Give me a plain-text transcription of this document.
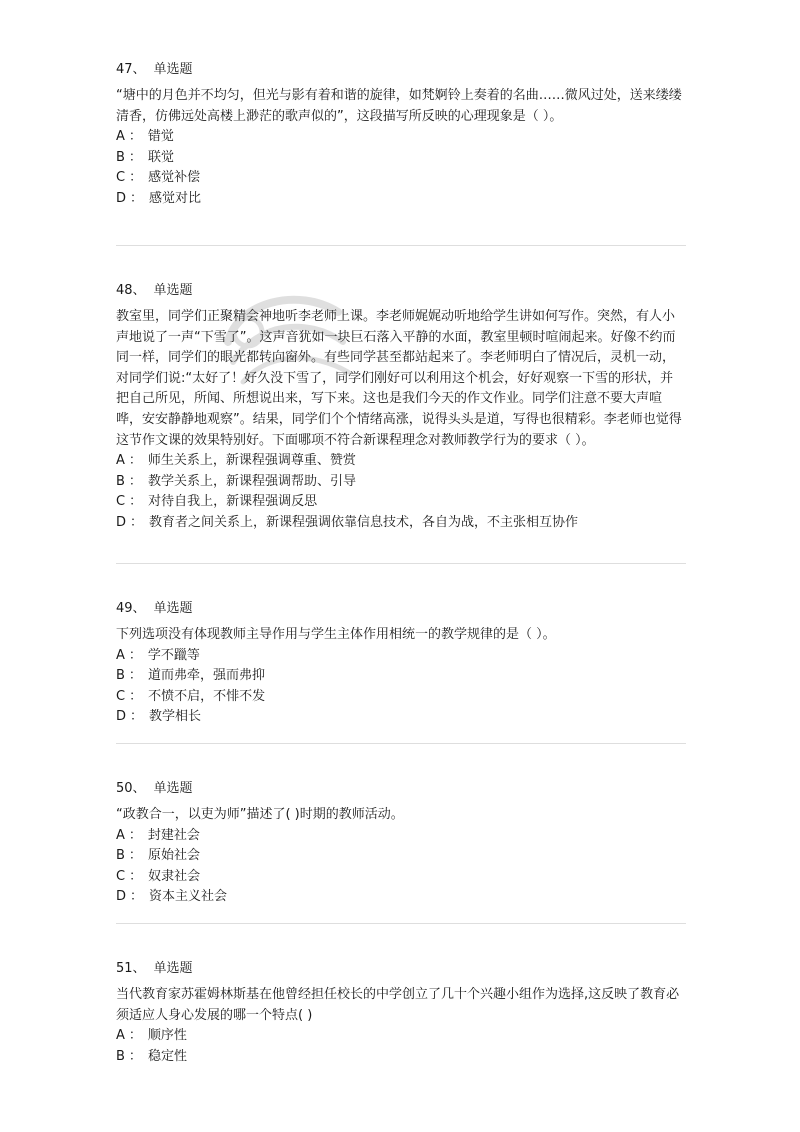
47、 单选题
“塘中的月色并不均匀，但光与影有着和谐的旋律，如梵婀铃上奏着的名曲……微风过处，送来缕缕清香，仿佛远处高楼上渺茫的歌声似的”，这段描写所反映的心理现象是（ ）。
A ： 错觉
B ： 联觉
C ： 感觉补偿
D ： 感觉对比
48、 单选题
教室里，同学们正聚精会神地听李老师上课。李老师娓娓动听地给学生讲如何写作。突然，有人小声地说了一声“下雪了”。这声音犹如一块巨石落入平静的水面，教室里顿时喧闹起来。好像不约而同一样，同学们的眼光都转向窗外。有些同学甚至都站起来了。李老师明白了情况后，灵机一动，对同学们说:“太好了！好久没下雪了，同学们刚好可以利用这个机会，好好观察一下雪的形状，并把自己所见，所闻、所想说出来，写下来。这也是我们今天的作文作业。同学们注意不要大声喧哗，安安静静地观察”。结果，同学们个个情绪高涨，说得头头是道，写得也很精彩。李老师也觉得这节作文课的效果特别好。下面哪项不符合新课程理念对教师教学行为的要求（ ）。
A ： 师生关系上，新课程强调尊重、赞赏
B ： 教学关系上，新课程强调帮助、引导
C ： 对待自我上，新课程强调反思
D ： 教育者之间关系上，新课程强调依靠信息技术，各自为战，不主张相互协作
49、 单选题
下列选项没有体现教师主导作用与学生主体作用相统一的教学规律的是（ ）。
A ： 学不躐等
B ： 道而弗牵，强而弗抑
C ： 不愤不启，不悱不发
D ： 教学相长
50、 单选题
“政教合一，以吏为师”描述了( )时期的教师活动。
A ： 封建社会
B ： 原始社会
C ： 奴隶社会
D ： 资本主义社会
51、 单选题
当代教育家苏霍姆林斯基在他曾经担任校长的中学创立了几十个兴趣小组作为选择,这反映了教育必须适应人身心发展的哪一个特点( )
A ： 顺序性
B ： 稳定性
